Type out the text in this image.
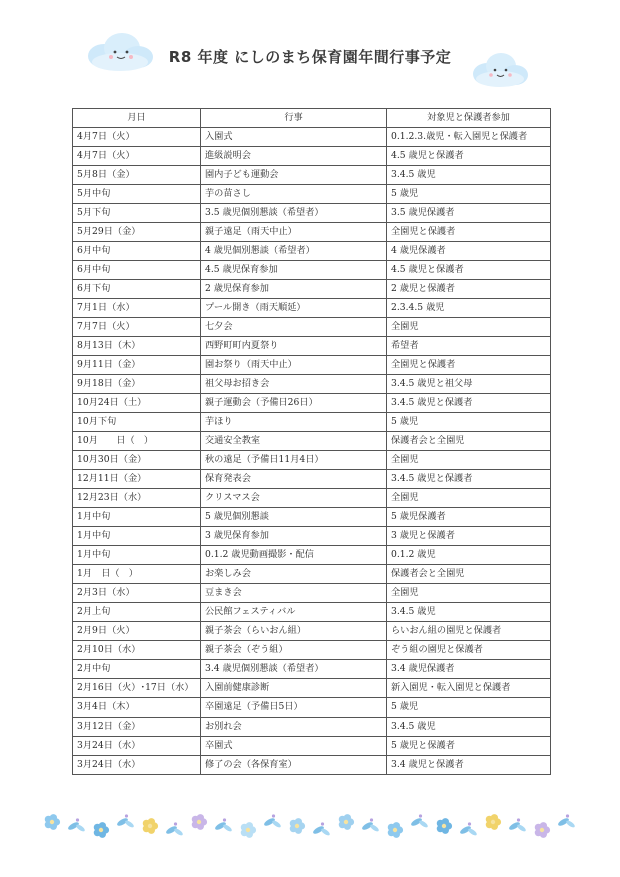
R8 年度 にしのまち保育園年間行事予定
月日	行事	対象児と保護者参加
4月7日（火）	入園式	0.1.2.3.歳児・転入園児と保護者
4月7日（火）	進級説明会	4.5 歳児と保護者
5月8日（金）	園内子ども運動会	3.4.5 歳児
5月中旬	芋の苗さし	5 歳児
5月下旬	3.5 歳児個別懇談（希望者）	3.5 歳児保護者
5月29日（金）	親子遠足（雨天中止）	全園児と保護者
6月中旬	4 歳児個別懇談（希望者）	4 歳児保護者
6月中旬	4.5 歳児保育参加	4.5 歳児と保護者
6月下旬	2 歳児保育参加	2 歳児と保護者
7月1日（水）	プール開き（雨天順延）	2.3.4.5 歳児
7月7日（火）	七夕会	全園児
8月13日（木）	西野町町内夏祭り	希望者
9月11日（金）	園お祭り（雨天中止）	全園児と保護者
9月18日（金）	祖父母お招き会	3.4.5 歳児と祖父母
10月24日（土）	親子運動会（予備日26日）	3.4.5 歳児と保護者
10月下旬	芋ほり	5 歳児
10月　　日（　）	交通安全教室	保護者会と全園児
10月30日（金）	秋の遠足（予備日11月4日）	全園児
12月11日（金）	保育発表会	3.4.5 歳児と保護者
12月23日（水）	クリスマス会	全園児
1月中旬	5 歳児個別懇談	5 歳児保護者
1月中旬	3 歳児保育参加	3 歳児と保護者
1月中旬	0.1.2 歳児動画撮影・配信	0.1.2 歳児
1月　日（　）	お楽しみ会	保護者会と全園児
2月3日（水）	豆まき会	全園児
2月上旬	公民館フェスティバル	3.4.5 歳児
2月9日（火）	親子茶会（らいおん組）	らいおん組の園児と保護者
2月10日（水）	親子茶会（ぞう組）	ぞう組の園児と保護者
2月中旬	3.4 歳児個別懇談（希望者）	3.4 歳児保護者
2月16日（火）･17日（水）	入園前健康診断	新入園児・転入園児と保護者
3月4日（木）	卒園遠足（予備日5日）	5 歳児
3月12日（金）	お別れ会	3.4.5 歳児
3月24日（水）	卒園式	5 歳児と保護者
3月24日（水）	修了の会（各保育室）	3.4 歳児と保護者
